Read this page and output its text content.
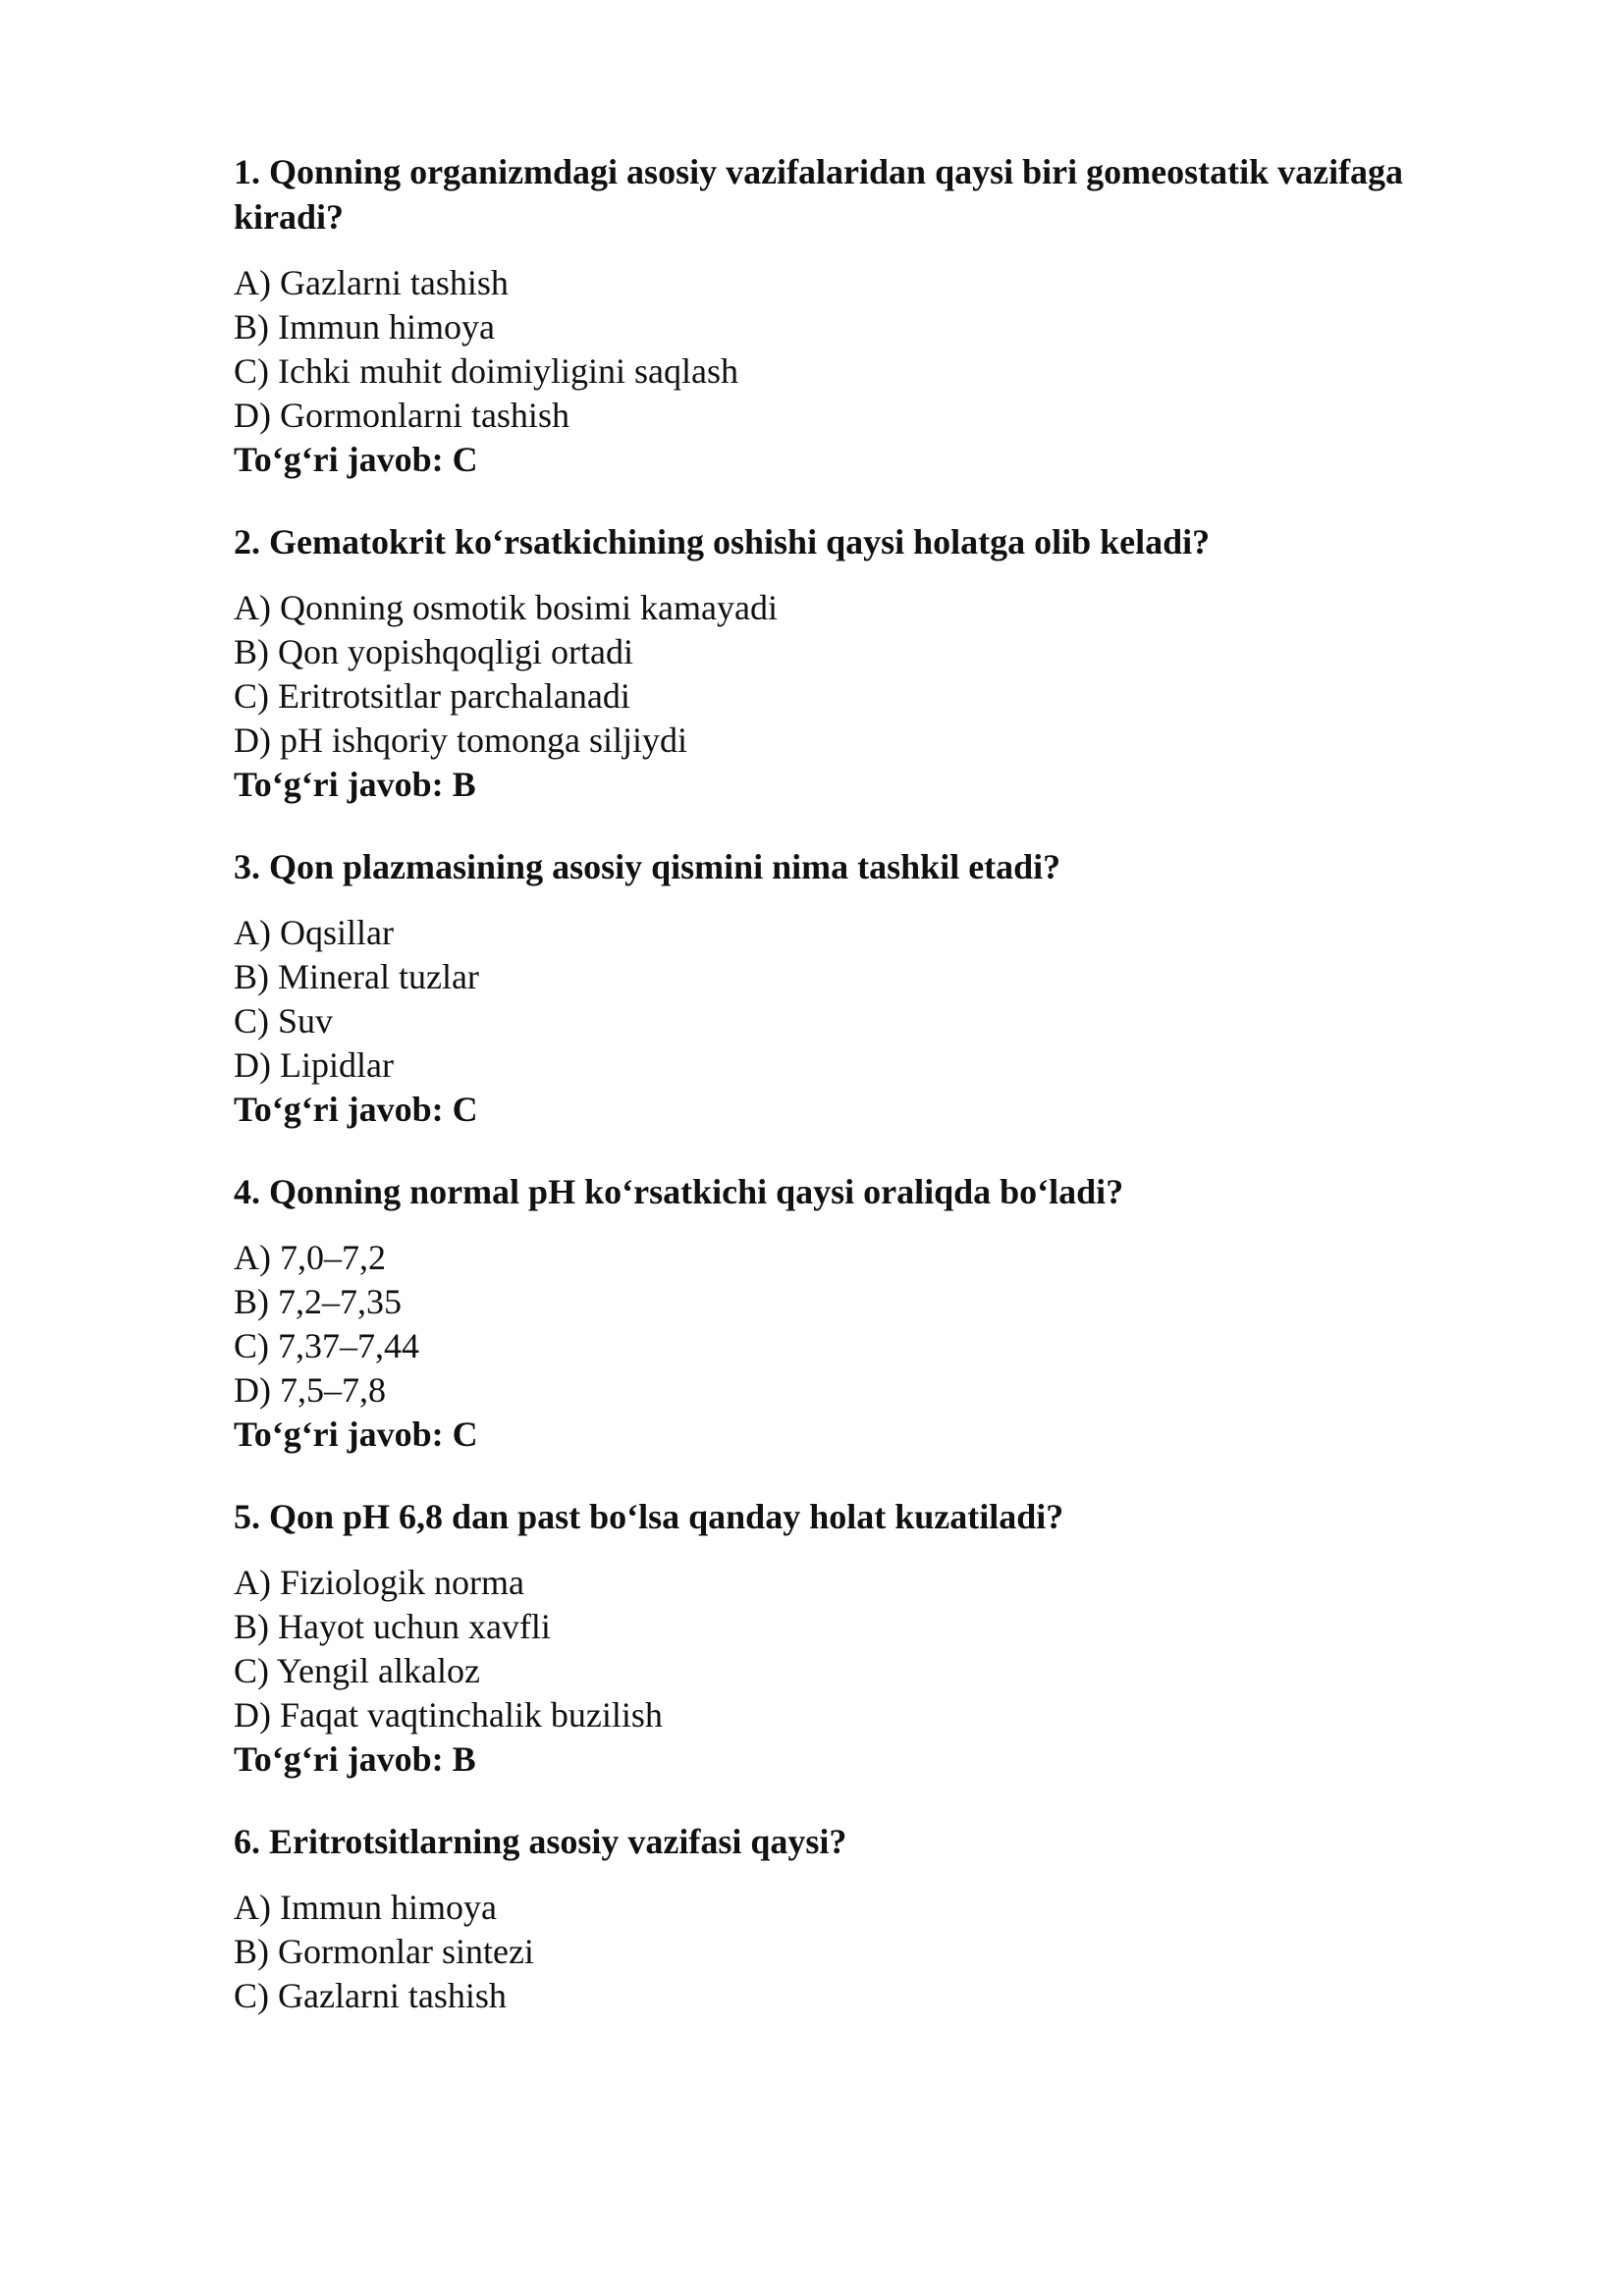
1. Qonning organizmdagi asosiy vazifalaridan qaysi biri gomeostatik vazifaga kiradi?

A) Gazlarni tashish

B) Immun himoya

C) Ichki muhit doimiyligini saqlash

D) Gormonlarni tashish

To‘g‘ri javob: C

2. Gematokrit ko‘rsatkichining oshishi qaysi holatga olib keladi?

A) Qonning osmotik bosimi kamayadi

B) Qon yopishqoqligi ortadi

C) Eritrotsitlar parchalanadi

D) pH ishqoriy tomonga siljiydi

To‘g‘ri javob: B

3. Qon plazmasining asosiy qismini nima tashkil etadi?

A) Oqsillar

B) Mineral tuzlar

C) Suv

D) Lipidlar

To‘g‘ri javob: C

4. Qonning normal pH ko‘rsatkichi qaysi oraliqda bo‘ladi?

A) 7,0–7,2

B) 7,2–7,35

C) 7,37–7,44

D) 7,5–7,8

To‘g‘ri javob: C

5. Qon pH 6,8 dan past bo‘lsa qanday holat kuzatiladi?

A) Fiziologik norma

B) Hayot uchun xavfli

C) Yengil alkaloz

D) Faqat vaqtinchalik buzilish

To‘g‘ri javob: B

6. Eritrotsitlarning asosiy vazifasi qaysi?

A) Immun himoya

B) Gormonlar sintezi

C) Gazlarni tashish
